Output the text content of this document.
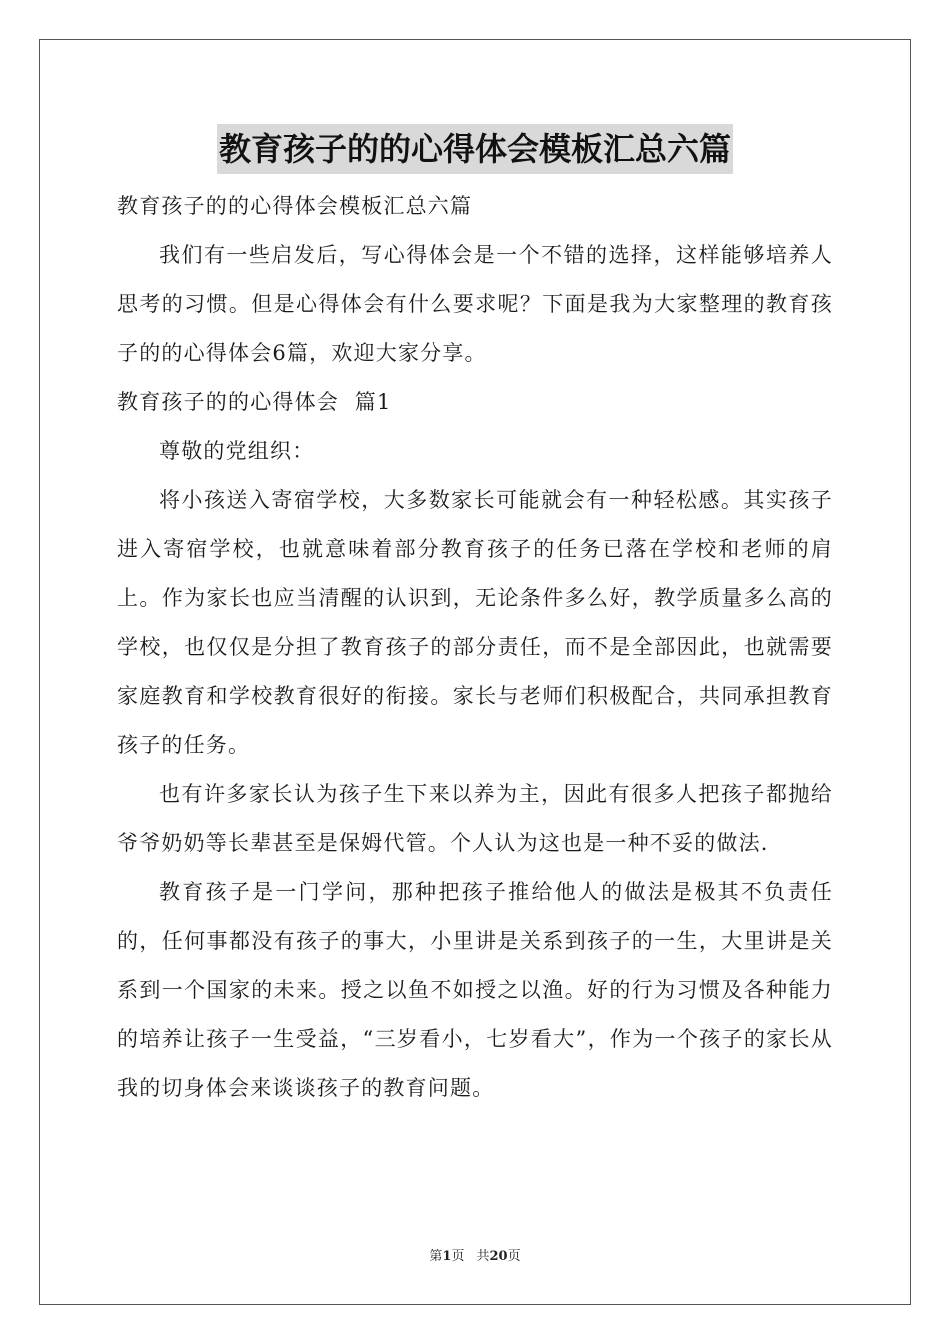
教育孩子的的心得体会模板汇总六篇

教育孩子的的心得体会模板汇总六篇

我们有一些启发后，写心得体会是一个不错的选择，这样能够培养人思考的习惯。但是心得体会有什么要求呢？下面是我为大家整理的教育孩子的的心得体会6篇，欢迎大家分享。

教育孩子的的心得体会  篇1

尊敬的党组织：

将小孩送入寄宿学校，大多数家长可能就会有一种轻松感。其实孩子进入寄宿学校，也就意味着部分教育孩子的任务已落在学校和老师的肩上。作为家长也应当清醒的认识到，无论条件多么好，教学质量多么高的学校，也仅仅是分担了教育孩子的部分责任，而不是全部因此，也就需要家庭教育和学校教育很好的衔接。家长与老师们积极配合，共同承担教育孩子的任务。

也有许多家长认为孩子生下来以养为主，因此有很多人把孩子都抛给爷爷奶奶等长辈甚至是保姆代管。个人认为这也是一种不妥的做法.

教育孩子是一门学问，那种把孩子推给他人的做法是极其不负责任的，任何事都没有孩子的事大，小里讲是关系到孩子的一生，大里讲是关系到一个国家的未来。授之以鱼不如授之以渔。好的行为习惯及各种能力的培养让孩子一生受益，“三岁看小，七岁看大”，作为一个孩子的家长从我的切身体会来谈谈孩子的教育问题。

第1页 共20页
